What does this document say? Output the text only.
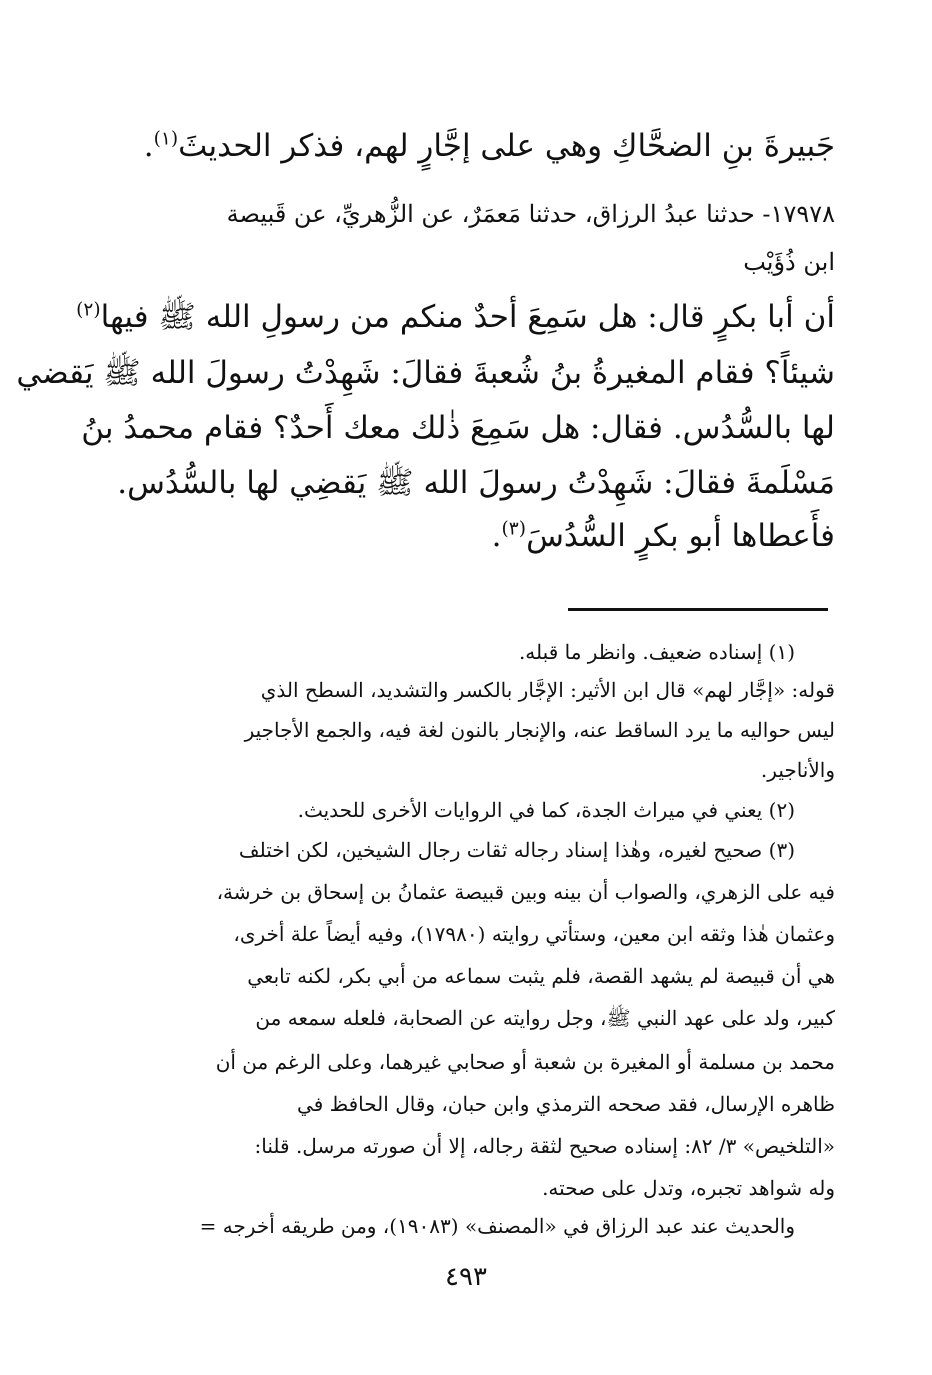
جَبيرةَ بنِ الضحَّاكِ وهي على إجَّارٍ لهم، فذكر الحديثَ$^{(١)}$.
١٧٩٧٨- حدثنا عبدُ الرزاق، حدثنا مَعمَرٌ، عن الزُّهريِّ، عن قَبيصة
ابن ذُؤَيْب
أن أبا بكرٍ قال: هل سَمِعَ أحدٌ منكم من رسولِ الله ﷺ فيها$^{(٢)}$
شيئاً؟ فقام المغيرةُ بنُ شُعبةَ فقالَ: شَهِدْتُ رسولَ الله ﷺ يَقضي
لها بالسُّدُس. فقال: هل سَمِعَ ذٰلك معك أَحدٌ؟ فقام محمدُ بنُ
مَسْلَمةَ فقالَ: شَهِدْتُ رسولَ الله ﷺ يَقضِي لها بالسُّدُس.
فأَعطاها أبو بكرٍ السُّدُسَ$^{(٣)}$.
(١) إسناده ضعيف. وانظر ما قبله.
قوله: «إجَّار لهم» قال ابن الأثير: الإجَّار بالكسر والتشديد، السطح الذي
ليس حواليه ما يرد الساقط عنه، والإنجار بالنون لغة فيه، والجمع الأجاجير
والأناجير.
(٢) يعني في ميراث الجدة، كما في الروايات الأخرى للحديث.
(٣) صحيح لغيره، وهٰذا إسناد رجاله ثقات رجال الشيخين، لكن اختلف
فيه على الزهري، والصواب أن بينه وبين قبيصة عثمانُ بن إسحاق بن خرشة،
وعثمان هٰذا وثقه ابن معين، وستأتي روايته (١٧٩٨٠)، وفيه أيضاً علة أخرى،
هي أن قبيصة لم يشهد القصة، فلم يثبت سماعه من أبي بكر، لكنه تابعي
كبير، ولد على عهد النبي ﷺ، وجل روايته عن الصحابة، فلعله سمعه من
محمد بن مسلمة أو المغيرة بن شعبة أو صحابي غيرهما، وعلى الرغم من أن
ظاهره الإرسال، فقد صححه الترمذي وابن حبان، وقال الحافظ في
«التلخيص» ٣/ ٨٢: إسناده صحيح لثقة رجاله، إلا أن صورته مرسل. قلنا:
وله شواهد تجبره، وتدل على صحته.
والحديث عند عبد الرزاق في «المصنف» (١٩٠٨٣)، ومن طريقه أخرجه =
٤٩٣
